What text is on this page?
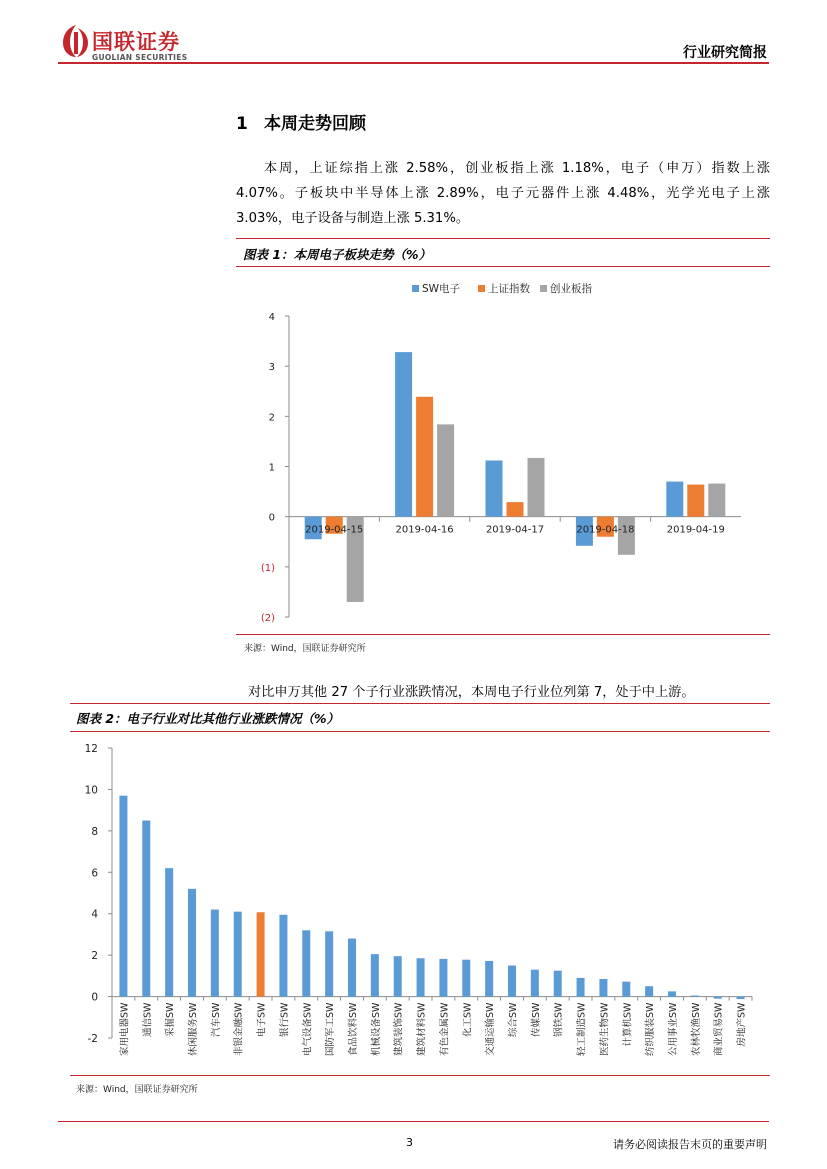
国联证券
GUOLIAN SECURITIES	行业研究简报
1 本周走势回顾

本周，上证综指上涨 2.58%，创业板指上涨 1.18%，电子（申万）指数上涨 4.07%。子板块中半导体上涨 2.89%，电子元器件上涨 4.48%，光学光电子上涨 3.03%，电子设备与制造上涨 5.31%。

图表 1：本周电子板块走势（%）
SW电子	上证指数 创业板指
(2)
(1)
0
1
2
3
4
2019-04-15	2019-04-16	2019-04-17	2019-04-18	2019-04-19
来源：Wind，国联证券研究所
对比申万其他 27 个子行业涨跌情况，本周电子行业位列第 7，处于中上游。
图表 2：电子行业对比其他行业涨跌情况（%）
-2
0
2
4
6
8
10
12
家用电器SW 通信SW 采掘SW 休闲服务SW 汽车SW 非银金融SW 电子SW 银行SW 电气设备SW 国防军工SW 食品饮料SW 机械设备SW 建筑装饰SW 建筑材料SW 有色金属SW 化工SW 交通运输SW 综合SW 传媒SW 钢铁SW 轻工制造SW 医药生物SW 计算机SW 纺织服装SW 公用事业SW 农林牧渔SW 商业贸易SW 房地产SW
来源：Wind，国联证券研究所
3	请务必阅读报告末页的重要声明
